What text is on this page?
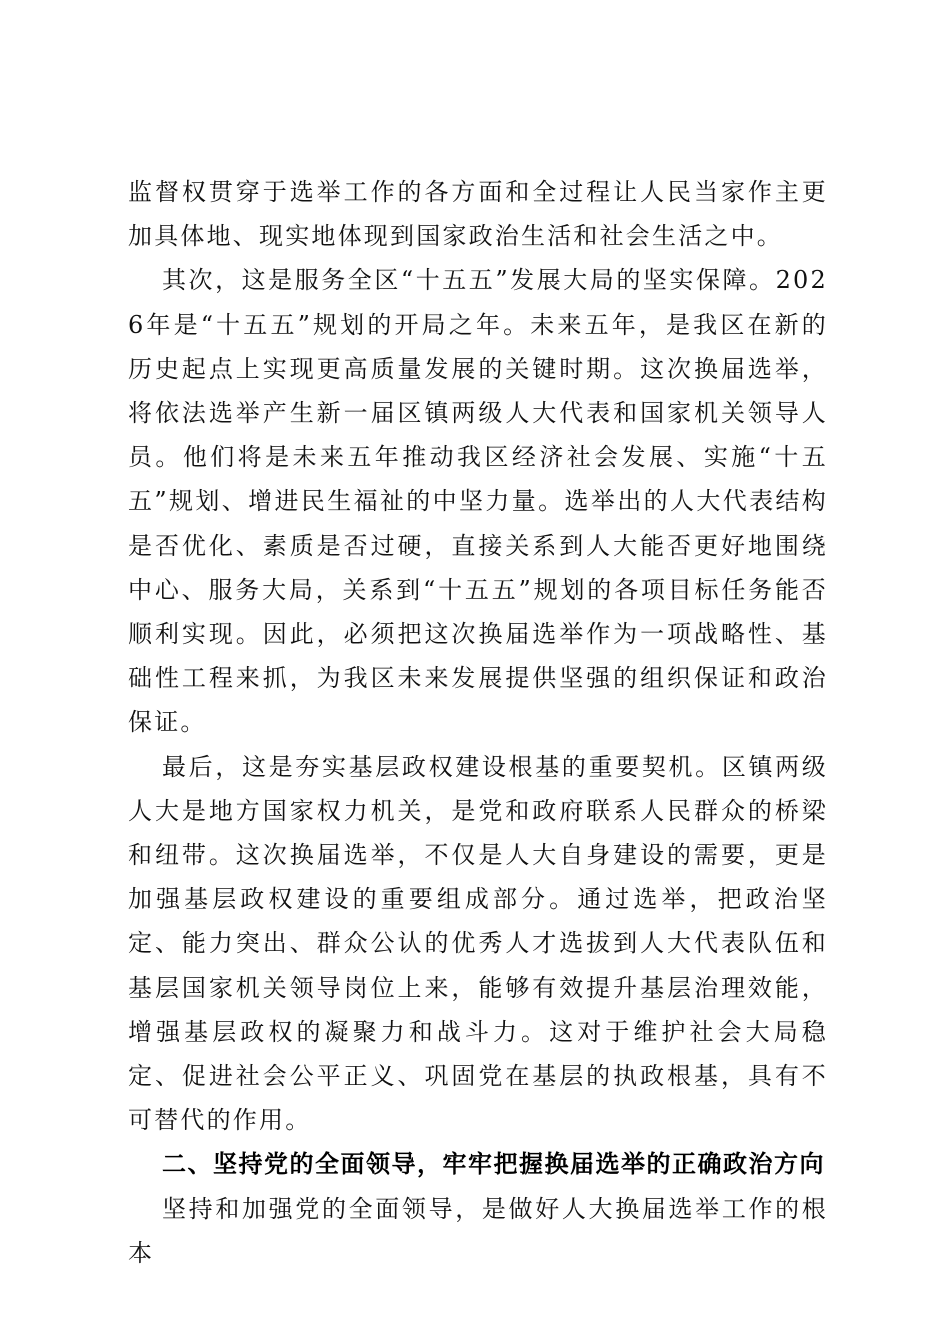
监督权贯穿于选举工作的各方面和全过程让人民当家作主更加具体地、现实地体现到国家政治生活和社会生活之中。

其次，这是服务全区“十五五”发展大局的坚实保障。2026年是“十五五”规划的开局之年。未来五年，是我区在新的历史起点上实现更高质量发展的关键时期。这次换届选举，将依法选举产生新一届区镇两级人大代表和国家机关领导人员。他们将是未来五年推动我区经济社会发展、实施“十五五”规划、增进民生福祉的中坚力量。选举出的人大代表结构是否优化、素质是否过硬，直接关系到人大能否更好地围绕中心、服务大局，关系到“十五五”规划的各项目标任务能否顺利实现。因此，必须把这次换届选举作为一项战略性、基础性工程来抓，为我区未来发展提供坚强的组织保证和政治保证。

最后，这是夯实基层政权建设根基的重要契机。区镇两级人大是地方国家权力机关，是党和政府联系人民群众的桥梁和纽带。这次换届选举，不仅是人大自身建设的需要，更是加强基层政权建设的重要组成部分。通过选举，把政治坚定、能力突出、群众公认的优秀人才选拔到人大代表队伍和基层国家机关领导岗位上来，能够有效提升基层治理效能，增强基层政权的凝聚力和战斗力。这对于维护社会大局稳定、促进社会公平正义、巩固党在基层的执政根基，具有不可替代的作用。

二、坚持党的全面领导，牢牢把握换届选举的正确政治方向

坚持和加强党的全面领导，是做好人大换届选举工作的根本
